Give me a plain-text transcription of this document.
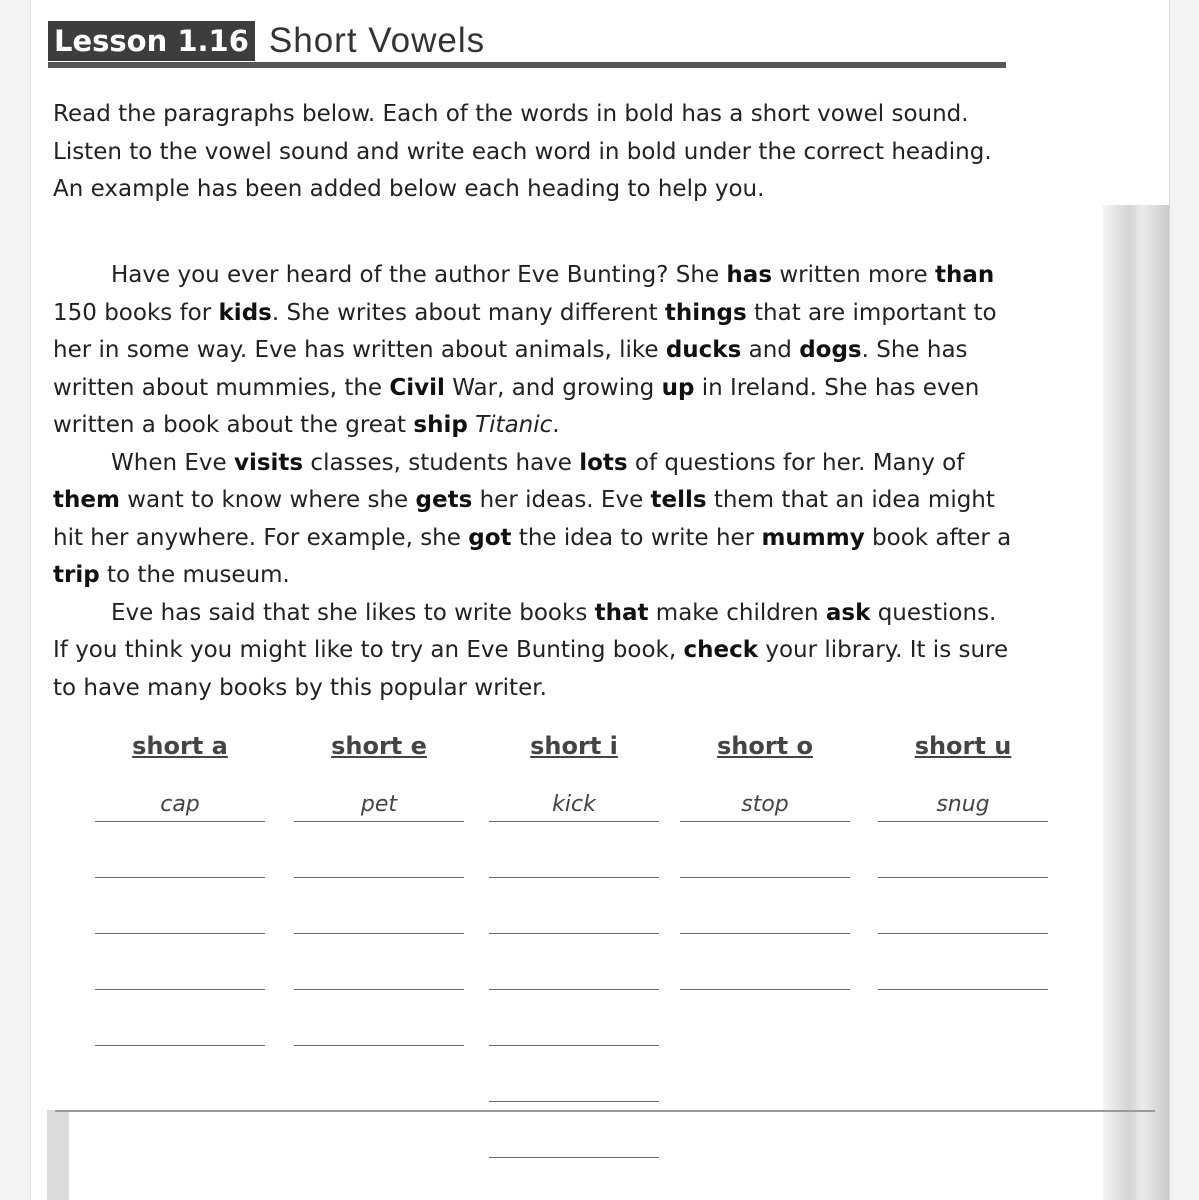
Lesson 1.16 Short Vowels
Read the paragraphs below. Each of the words in bold has a short vowel sound. Listen to the vowel sound and write each word in bold under the correct heading. An example has been added below each heading to help you.

Have you ever heard of the author Eve Bunting? She has written more than 150 books for kids. She writes about many different things that are important to her in some way. Eve has written about animals, like ducks and dogs. She has written about mummies, the Civil War, and growing up in Ireland. She has even written a book about the great ship Titanic.

When Eve visits classes, students have lots of questions for her. Many of them want to know where she gets her ideas. Eve tells them that an idea might hit her anywhere. For example, she got the idea to write her mummy book after a trip to the museum.

Eve has said that she likes to write books that make children ask questions. If you think you might like to try an Eve Bunting book, check your library. It is sure to have many books by this popular writer.

short a
cap
short e
pet
short i
kick
short o
stop
short u
snug
